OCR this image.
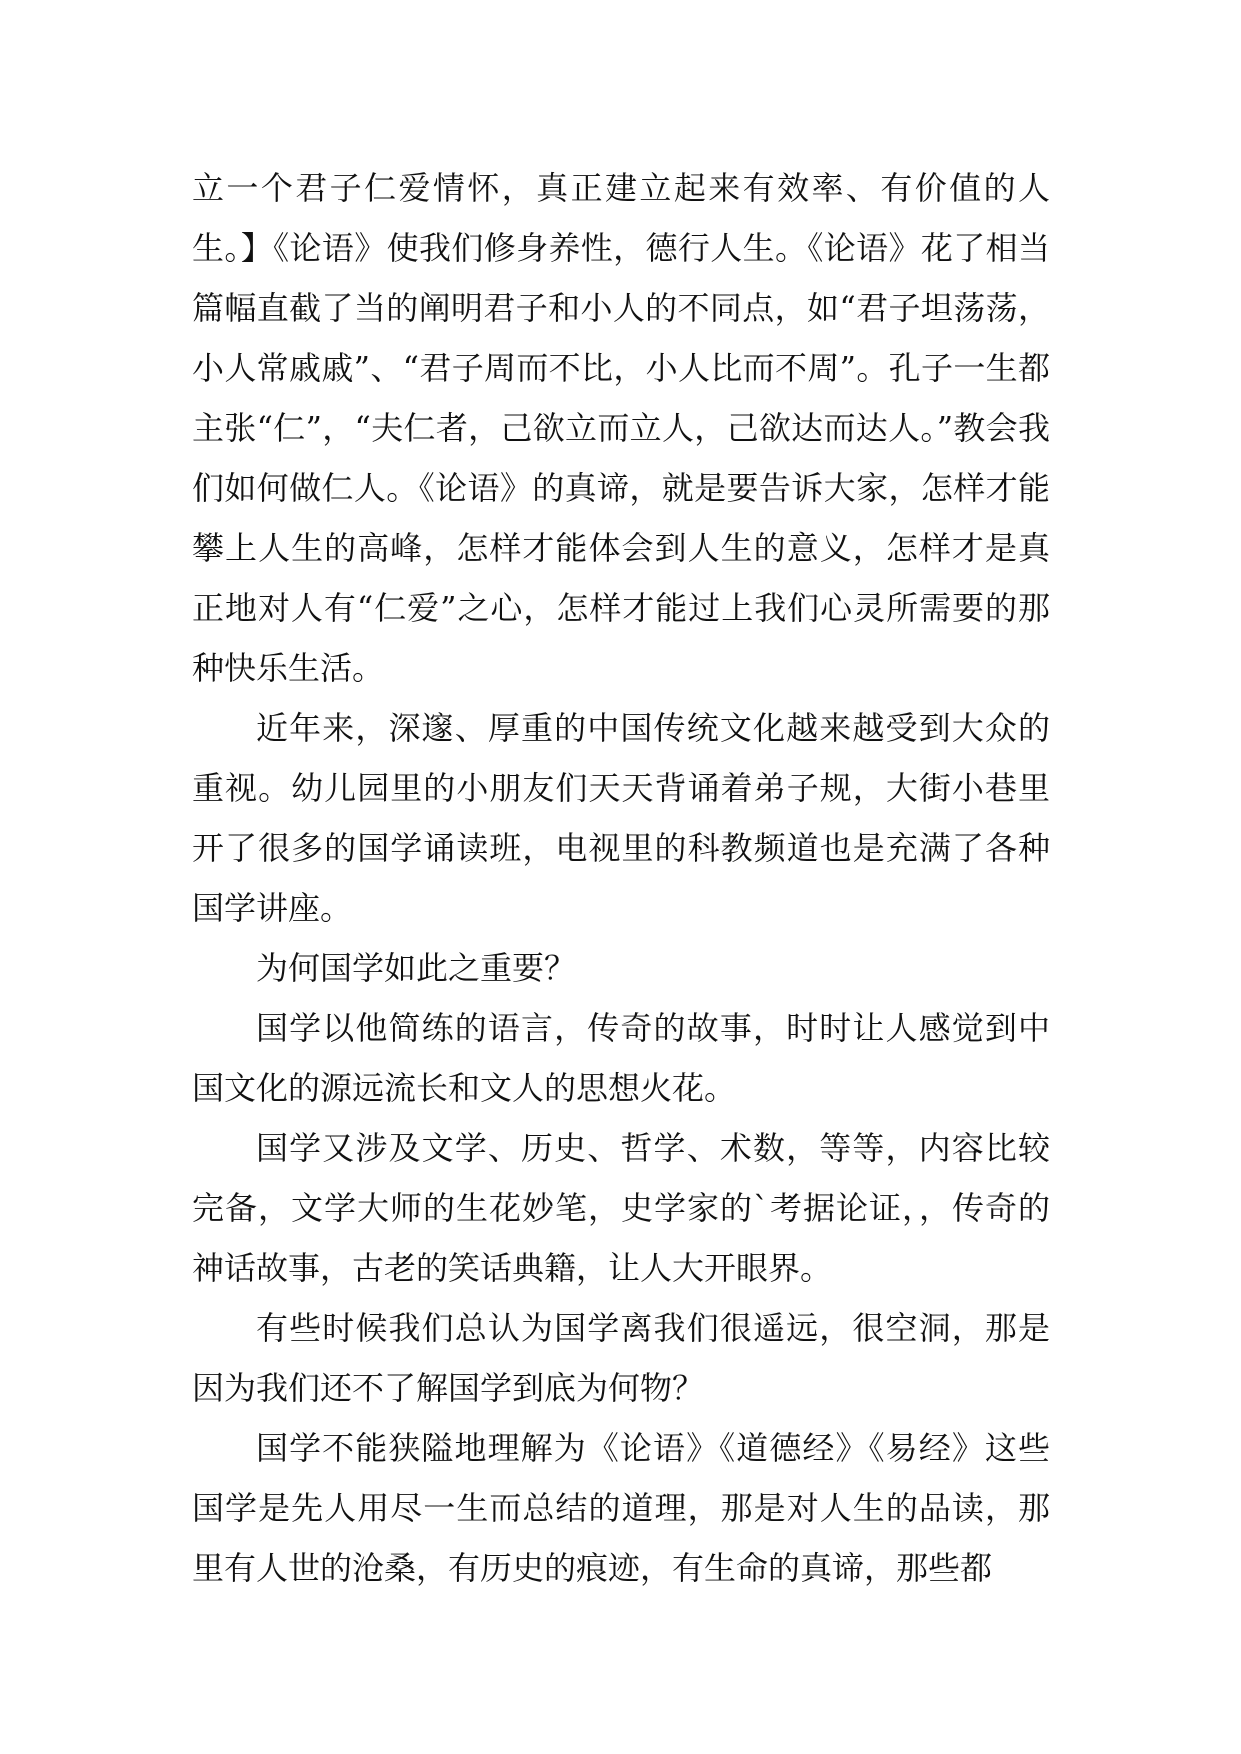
立一个君子仁爱情怀，真正建立起来有效率、有价值的人生。】《论语》使我们修身养性，德行人生。《论语》花了相当篇幅直截了当的阐明君子和小人的不同点，如“君子坦荡荡，小人常戚戚”、“君子周而不比，小人比而不周”。孔子一生都主张“仁”，“夫仁者，己欲立而立人，己欲达而达人。”教会我们如何做仁人。《论语》的真谛，就是要告诉大家，怎样才能攀上人生的高峰，怎样才能体会到人生的意义，怎样才是真正地对人有“仁爱”之心，怎样才能过上我们心灵所需要的那种快乐生活。

近年来，深邃、厚重的中国传统文化越来越受到大众的重视。幼儿园里的小朋友们天天背诵着弟子规，大街小巷里开了很多的国学诵读班，电视里的科教频道也是充满了各种国学讲座。

为何国学如此之重要？

国学以他简练的语言，传奇的故事，时时让人感觉到中国文化的源远流长和文人的思想火花。

国学又涉及文学、历史、哲学、术数，等等，内容比较完备，文学大师的生花妙笔，史学家的`考据论证，，传奇的神话故事，古老的笑话典籍，让人大开眼界。

有些时候我们总认为国学离我们很遥远，很空洞，那是因为我们还不了解国学到底为何物？

国学不能狭隘地理解为《论语》《道德经》《易经》这些国学是先人用尽一生而总结的道理，那是对人生的品读，那里有人世的沧桑，有历史的痕迹，有生命的真谛，那些都
